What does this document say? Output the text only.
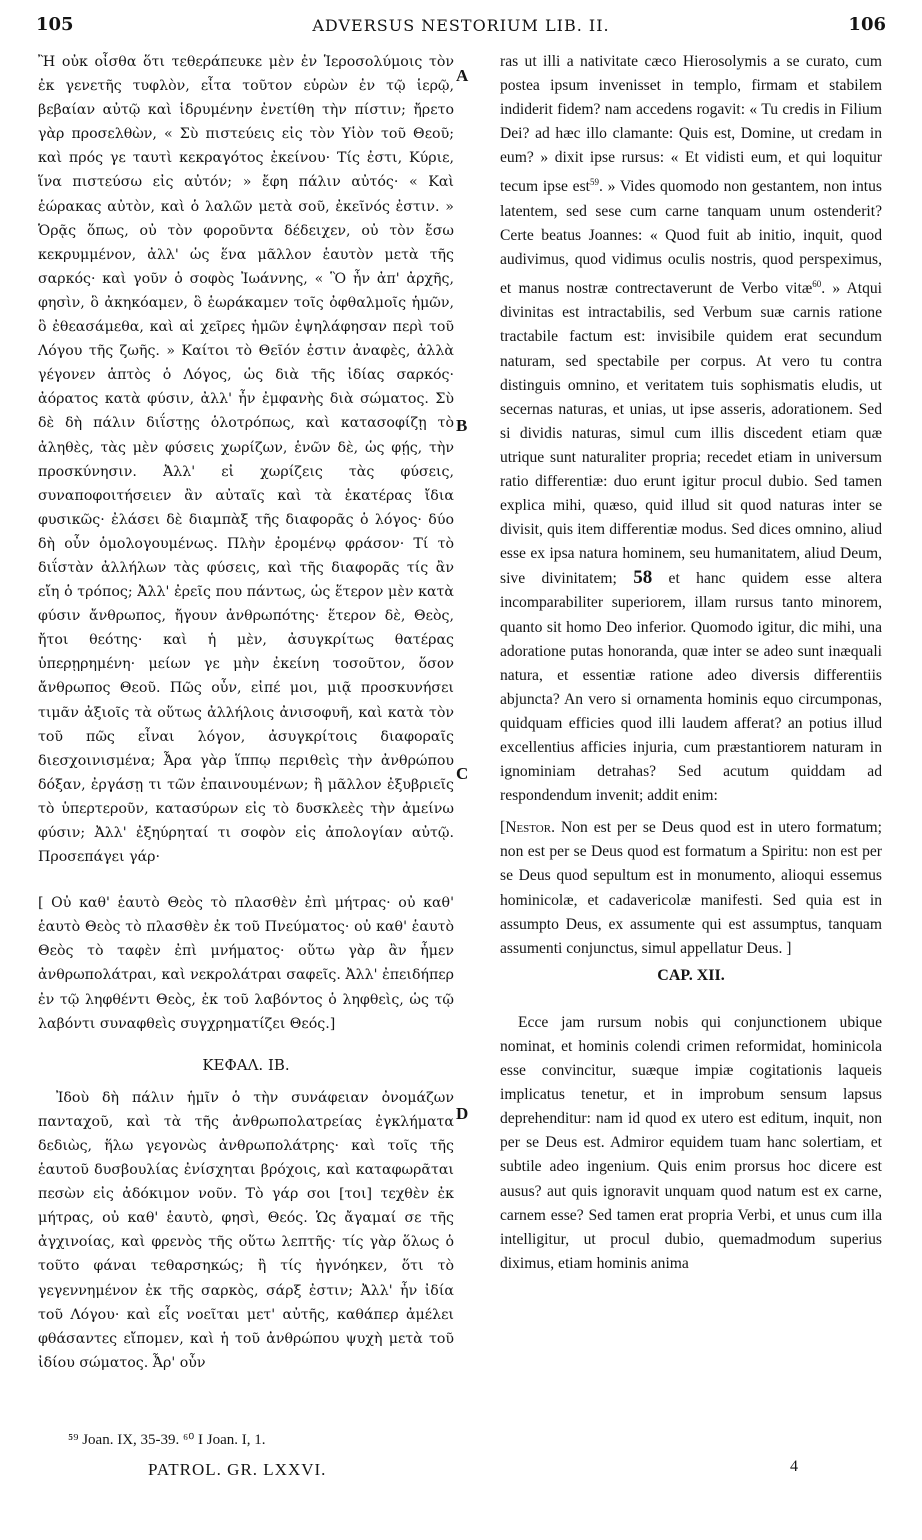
105	ADVERSUS NESTORIUM LIB. II.	106

Ἢ οὐκ οἶσθα ὅτι τεθεράπευκε μὲν ἐν Ἱεροσολύμοις τὸν ἐκ γενετῆς τυφλὸν, εἶτα τοῦτον εὑρὼν ἐν τῷ ἱερῷ, βεβαίαν αὐτῷ καὶ ἱδρυμένην ἐνετίθη τὴν πίστιν; ἤρετο γὰρ προσελθὼν, « Σὺ πιστεύεις εἰς τὸν Υἱὸν τοῦ Θεοῦ; καὶ πρός γε ταυτὶ κεκραγότος ἐκείνου· Τίς ἐστι, Κύριε, ἵνα πιστεύσω εἰς αὐτόν; » ἔφη πάλιν αὐτός· « Καὶ ἑώρακας αὐτὸν, καὶ ὁ λαλῶν μετὰ σοῦ, ἐκεῖνός ἐστιν. » Ὁρᾷς ὅπως, οὐ τὸν φοροῦντα δέδειχεν, οὐ τὸν ἔσω κεκρυμμένον, ἀλλ' ὡς ἕνα μᾶλλον ἑαυτὸν μετὰ τῆς σαρκός· καὶ γοῦν ὁ σοφὸς Ἰωάννης, « Ὃ ἦν ἀπ' ἀρχῆς, φησὶν, ὃ ἀκηκόαμεν, ὃ ἑωράκαμεν τοῖς ὀφθαλμοῖς ἡμῶν, ὃ ἐθεασάμεθα, καὶ αἱ χεῖρες ἡμῶν ἐψηλάφησαν περὶ τοῦ Λόγου τῆς ζωῆς. » Καίτοι τὸ Θεῖόν ἐστιν ἀναφὲς, ἀλλὰ γέγονεν ἁπτὸς ὁ Λόγος, ὡς διὰ τῆς ἰδίας σαρκός· ἀόρατος κατὰ φύσιν, ἀλλ' ἦν ἐμφανὴς διὰ σώματος. Σὺ δὲ δὴ πάλιν διΐστῃς ὁλοτρόπως, καὶ κατασοφίζῃ τὸ ἀληθὲς, τὰς μὲν φύσεις χωρίζων, ἑνῶν δὲ, ὡς φῄς, τὴν προσκύνησιν. Ἀλλ' εἰ χωρίζεις τὰς φύσεις, συναποφοιτήσειεν ἂν αὐταῖς καὶ τὰ ἑκατέρας ἴδια φυσικῶς· ἐλάσει δὲ διαμπὰξ τῆς διαφορᾶς ὁ λόγος· δύο δὴ οὖν ὁμολογουμένως. Πλὴν ἐρομένῳ φράσον· Τί τὸ διΐστὰν ἀλλήλων τὰς φύσεις, καὶ τῆς διαφορᾶς τίς ἂν εἴη ὁ τρόπος; Ἀλλ' ἐρεῖς που πάντως, ὡς ἕτερον μὲν κατὰ φύσιν ἄνθρωπος, ἤγουν ἀνθρωπότης· ἕτερον δὲ, Θεὸς, ἤτοι θεότης· καὶ ἡ μὲν, ἀσυγκρίτως θατέρας ὑπερῃρημένη· μείων γε μὴν ἐκείνη τοσοῦτον, ὅσον ἄνθρωπος Θεοῦ. Πῶς οὖν, εἰπέ μοι, μιᾷ προσκυνήσει τιμᾶν ἀξιοῖς τὰ οὕτως ἀλλήλοις ἀνισοφυῆ, καὶ κατὰ τὸν τοῦ πῶς εἶναι λόγον, ἀσυγκρίτοις διαφοραῖς διεσχοινισμένα; Ἆρα γὰρ ἵππῳ περιθεὶς τὴν ἀνθρώπου δόξαν, ἐργάσῃ τι τῶν ἐπαινουμένων; ἢ μᾶλλον ἐξυβριεῖς τὸ ὑπερτεροῦν, κατασύρων εἰς τὸ δυσκλεὲς τὴν ἀμείνω φύσιν; Ἀλλ' ἐξηύρηταί τι σοφὸν εἰς ἀπολογίαν αὐτῷ. Προσεπάγει γάρ·

[ Οὐ καθ' ἑαυτὸ Θεὸς τὸ πλασθὲν ἐπὶ μήτρας· οὐ καθ' ἑαυτὸ Θεὸς τὸ πλασθὲν ἐκ τοῦ Πνεύματος· οὐ καθ' ἑαυτὸ Θεὸς τὸ ταφὲν ἐπὶ μνήματος· οὕτω γὰρ ἂν ἦμεν ἀνθρωπολάτραι, καὶ νεκρολάτραι σαφεῖς. Ἀλλ' ἐπειδήπερ ἐν τῷ ληφθέντι Θεὸς, ἐκ τοῦ λαβόντος ὁ ληφθεὶς, ὡς τῷ λαβόντι συναφθεὶς συγχρηματίζει Θεός.]

ΚΕΦΑΛ. ΙΒ.

Ἰδοὺ δὴ πάλιν ἡμῖν ὁ τὴν συνάφειαν ὀνομάζων πανταχοῦ, καὶ τὰ τῆς ἀνθρωπολατρείας ἐγκλήματα δεδιὼς, ἥλω γεγονὼς ἀνθρωπολάτρης· καὶ τοῖς τῆς ἑαυτοῦ δυσβουλίας ἐνίσχηται βρόχοις, καὶ καταφωρᾶται πεσὼν εἰς ἀδόκιμον νοῦν. Τὸ γάρ σοι [τοι] τεχθὲν ἐκ μήτρας, οὐ καθ' ἑαυτὸ, φησὶ, Θεός. Ὡς ἄγαμαί σε τῆς ἀγχινοίας, καὶ φρενὸς τῆς οὕτω λεπτῆς· τίς γὰρ ὅλως ὁ τοῦτο φάναι τεθαρσηκώς; ἢ τίς ἠγνόηκεν, ὅτι τὸ γεγεννημένον ἐκ τῆς σαρκὸς, σάρξ ἐστιν; Ἀλλ' ἦν ἰδία τοῦ Λόγου· καὶ εἷς νοεῖται μετ' αὐτῆς, καθάπερ ἀμέλει φθάσαντες εἴπομεν, καὶ ἡ τοῦ ἀνθρώπου ψυχὴ μετὰ τοῦ ἰδίου σώματος. Ἆρ' οὖν

A
B
C
D

ras ut illi a nativitate cæco Hierosolymis a se curato, cum postea ipsum invenisset in templo, firmam et stabilem indiderit fidem? nam accedens rogavit: « Tu credis in Filium Dei? ad hæc illo clamante: Quis est, Domine, ut credam in eum? » dixit ipse rursus: « Et vidisti eum, et qui loquitur tecum ipse est$^{59}$. » Vides quomodo non gestantem, non intus latentem, sed sese cum carne tanquam unum ostenderit? Certe beatus Joannes: « Quod fuit ab initio, inquit, quod audivimus, quod vidimus oculis nostris, quod perspeximus, et manus nostræ contrectaverunt de Verbo vitæ$^{60}$. » Atqui divinitas est intractabilis, sed Verbum suæ carnis ratione tractabile factum est: invisibile quidem erat secundum naturam, sed spectabile per corpus. At vero tu contra distinguis omnino, et veritatem tuis sophismatis eludis, ut secernas naturas, et unias, ut ipse asseris, adorationem. Sed si dividis naturas, simul cum illis discedent etiam quæ utrique sunt naturaliter propria; recedet etiam in universum ratio differentiæ: duo erunt igitur procul dubio. Sed tamen explica mihi, quæso, quid illud sit quod naturas inter se divisit, quis item differentiæ modus. Sed dices omnino, aliud esse ex ipsa natura hominem, seu humanitatem, aliud Deum, sive divinitatem; 58 et hanc quidem esse altera incomparabiliter superiorem, illam rursus tanto minorem, quanto sit homo Deo inferior. Quomodo igitur, dic mihi, una adoratione putas honoranda, quæ inter se adeo sunt inæquali natura, et essentiæ ratione adeo diversis differentiis abjuncta? An vero si ornamenta hominis equo circumponas, quidquam efficies quod illi laudem afferat? an potius illud excellentius afficies injuria, cum præstantiorem naturam in ignominiam detrahas? Sed acutum quiddam ad respondendum invenit; addit enim:

[Nestor. Non est per se Deus quod est in utero formatum; non est per se Deus quod est formatum a Spiritu: non est per se Deus quod sepultum est in monumento, alioqui essemus hominicolæ, et cadavericolæ manifesti. Sed quia est in assumpto Deus, ex assumente qui est assumptus, tanquam assumenti conjunctus, simul appellatur Deus. ]

CAP. XII.

Ecce jam rursum nobis qui conjunctionem ubique nominat, et hominis colendi crimen reformidat, hominicola esse convincitur, suæque impiæ cogitationis laqueis implicatus tenetur, et in improbum sensum lapsus deprehenditur: nam id quod ex utero est editum, inquit, non per se Deus est. Admiror equidem tuam hanc solertiam, et subtile adeo ingenium. Quis enim prorsus hoc dicere est ausus? aut quis ignoravit unquam quod natum est ex carne, carnem esse? Sed tamen erat propria Verbi, et unus cum illa intelligitur, ut procul dubio, quemadmodum superius diximus, etiam hominis anima

⁵⁹ Joan. IX, 35-39. ⁶⁰ I Joan. I, 1.
PATROL. GR. LXXVI.	4
